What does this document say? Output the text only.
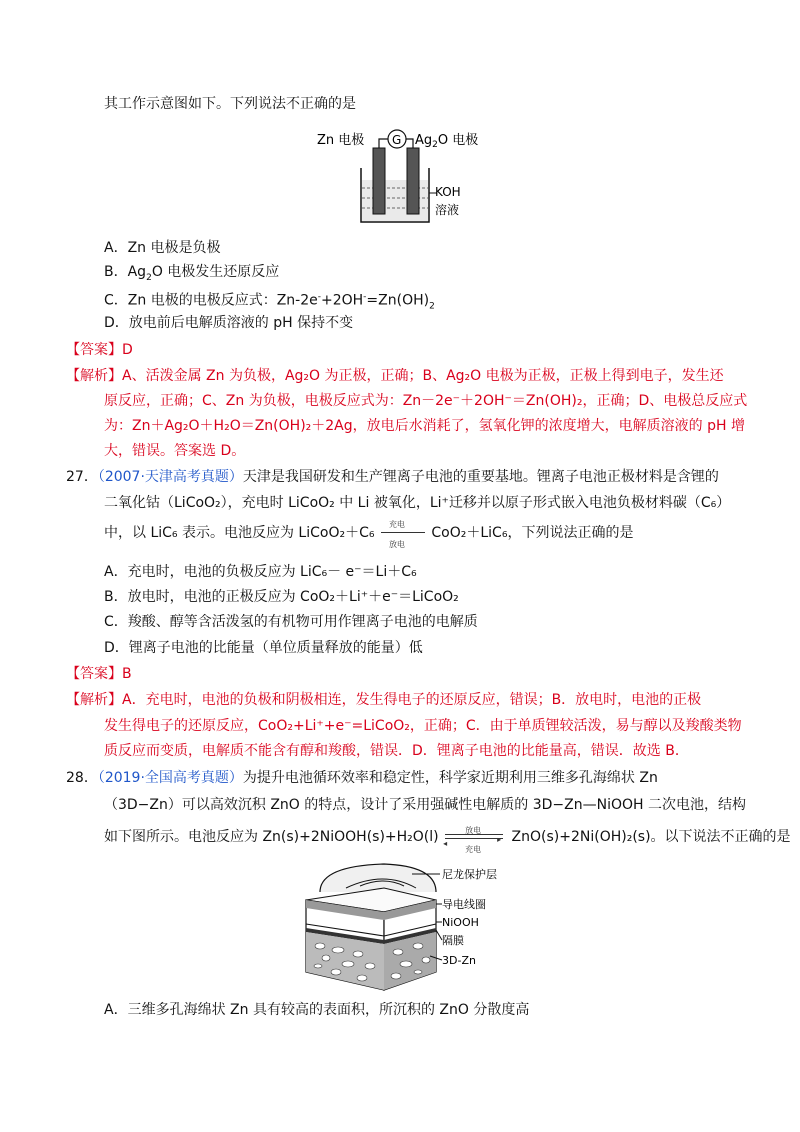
其工作示意图如下。下列说法不正确的是
Zn 电极 G $Ag_2O$ 电极
KOH
溶液
A．Zn 电极是负极
B．$Ag_2O$ 电极发生还原反应
C．Zn 电极的电极反应式：$Zn-2e^-+2OH^-=Zn(OH)_2$
D．放电前后电解质溶液的 pH 保持不变
【答案】D
【解析】A、活泼金属 Zn 为负极，Ag₂O 为正极，正确；B、Ag₂O 电极为正极，正极上得到电子，发生还
原反应，正确；C、Zn 为负极，电极反应式为：Zn－2e⁻＋2OH⁻＝Zn(OH)₂，正确；D、电极总反应式
为：Zn＋Ag₂O＋H₂O＝Zn(OH)₂＋2Ag，放电后水消耗了，氢氧化钾的浓度增大，电解质溶液的 pH 增
大，错误。答案选 D。
27．（2007·天津高考真题）天津是我国研发和生产锂离子电池的重要基地。锂离子电池正极材料是含锂的
二氧化钴（LiCoO₂），充电时 LiCoO₂ 中 Li 被氧化，Li⁺迁移并以原子形式嵌入电池负极材料碳（C₆）
中，以 LiC₆ 表示。电池反应为 LiCoO₂＋C₆
充电
放电
CoO₂＋LiC₆，下列说法正确的是
A．充电时，电池的负极反应为 LiC₆－ e⁻＝Li＋C₆
B．放电时，电池的正极反应为 CoO₂＋Li⁺＋e⁻＝LiCoO₂
C．羧酸、醇等含活泼氢的有机物可用作锂离子电池的电解质
D．锂离子电池的比能量（单位质量释放的能量）低
【答案】B
【解析】A．充电时，电池的负极和阴极相连，发生得电子的还原反应，错误；B．放电时，电池的正极
发生得电子的还原反应，CoO₂+Li⁺+e⁻=LiCoO₂，正确；C．由于单质锂较活泼，易与醇以及羧酸类物
质反应而变质，电解质不能含有醇和羧酸，错误．D．锂离子电池的比能量高，错误．故选 B．
28．（2019·全国高考真题）为提升电池循环效率和稳定性，科学家近期利用三维多孔海绵状 Zn
（3D−Zn）可以高效沉积 ZnO 的特点，设计了采用强碱性电解质的 3D−Zn—NiOOH 二次电池，结构
如下图所示。电池反应为 Zn(s)+2NiOOH(s)+H₂O(l)	放电
▸
◂
充电
ZnO(s)+2Ni(OH)₂(s)。以下说法不正确的是
尼龙保护层
导电线圈
NiOOH
隔膜
3D-Zn
A．三维多孔海绵状 Zn 具有较高的表面积，所沉积的 ZnO 分散度高
